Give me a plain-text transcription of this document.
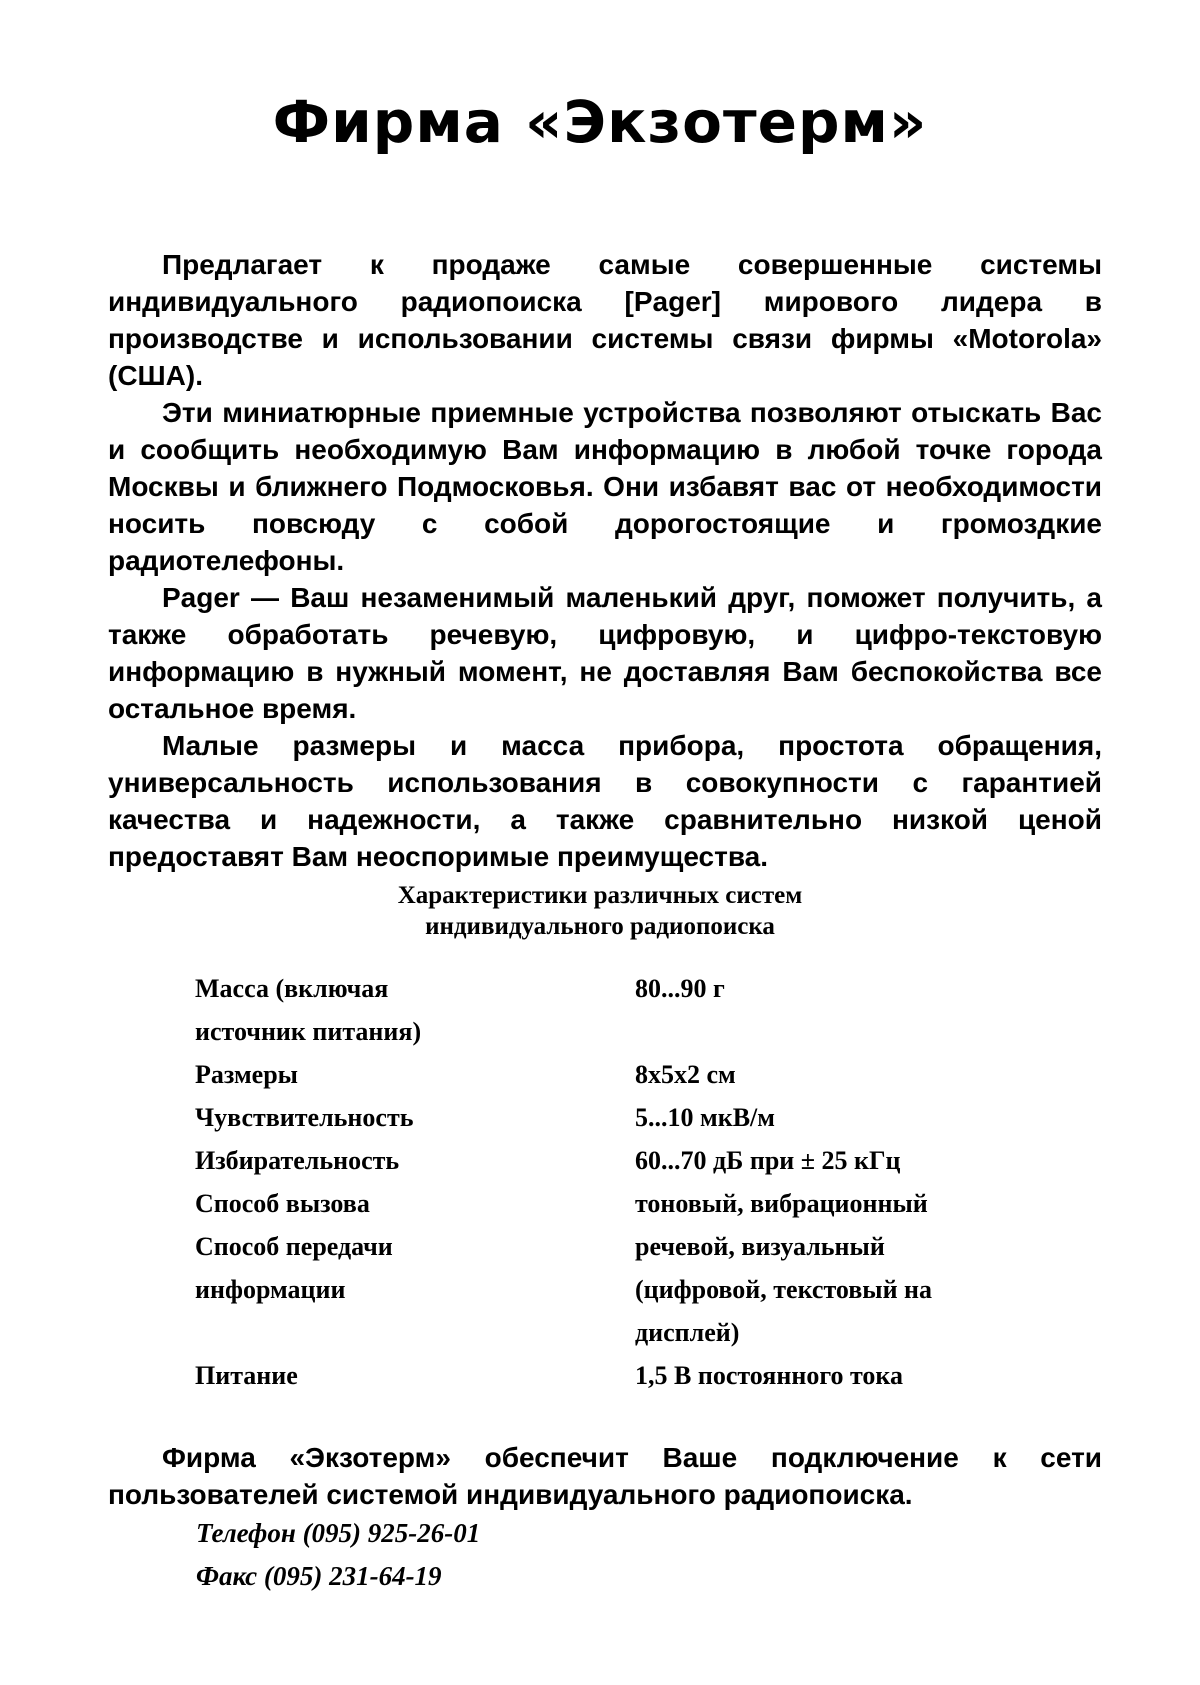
Фирма «Экзотерм»

Предлагает к продаже самые совершенные системы индивидуального радиопоиска [Pager] мирового лидера в производстве и использовании системы связи фирмы «Motorola» (США).

Эти миниатюрные приемные устройства позволяют отыскать Вас и сообщить необходимую Вам информацию в любой точке города Москвы и ближнего Подмосковья. Они избавят вас от необходимости носить повсюду с собой дорогостоящие и громоздкие радиотелефоны.

Pager — Ваш незаменимый маленький друг, поможет получить, а также обработать речевую, цифровую, и цифро-текстовую информацию в нужный момент, не доставляя Вам беспокойства все остальное время.

Малые размеры и масса прибора, простота обращения, универсальность использования в совокупности с гарантией качества и надежности, а также сравнительно низкой ценой предоставят Вам неоспоримые преимущества.

Характеристики различных систем
индивидуального радиопоиска
Масса (включая
источник питания)	80...90 г

Размеры	8x5x2 см

Чувствительность	5...10 мкВ/м

Избирательность	60...70 дБ при ± 25 кГц

Способ вызова	тоновый, вибрационный

Способ передачи
информации	речевой, визуальный
(цифровой, текстовый на
дисплей)

Питание	1,5 В постоянного тока

Фирма «Экзотерм» обеспечит Ваше подключение к сети пользователей системой индивидуального радиопоиска.

Телефон (095) 925-26-01
Факс (095) 231-64-19
